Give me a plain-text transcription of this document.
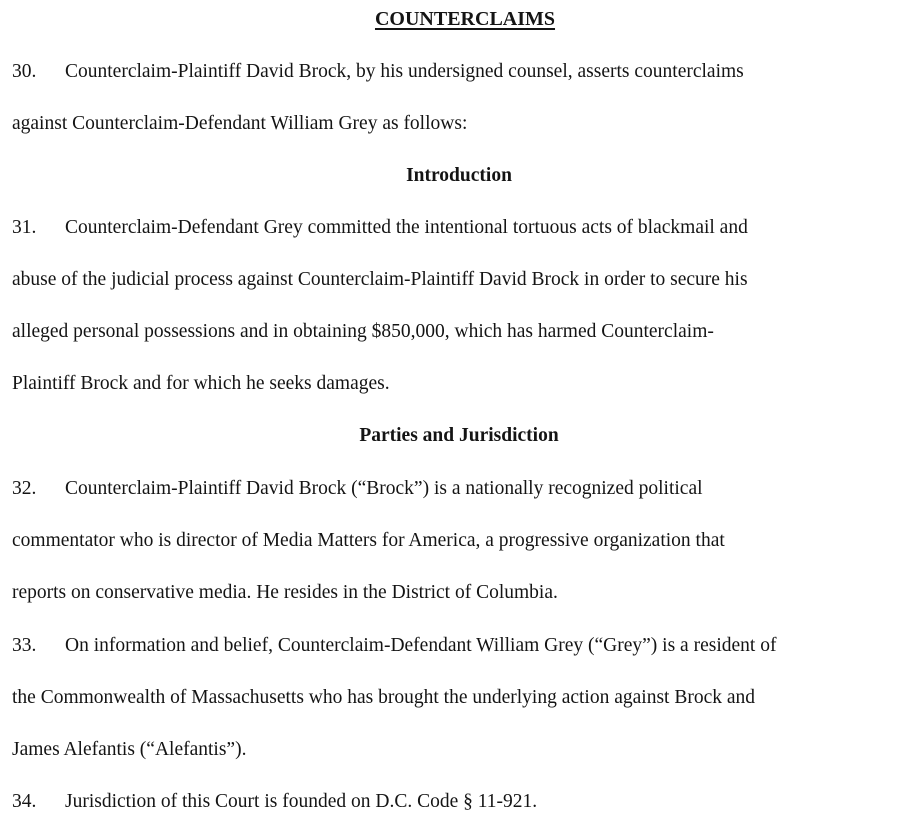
COUNTERCLAIMS

30. Counterclaim-Plaintiff David Brock, by his undersigned counsel, asserts counterclaims

against Counterclaim-Defendant William Grey as follows:

Introduction

31. Counterclaim-Defendant Grey committed the intentional tortuous acts of blackmail and

abuse of the judicial process against Counterclaim-Plaintiff David Brock in order to secure his

alleged personal possessions and in obtaining $850,000, which has harmed Counterclaim-

Plaintiff Brock and for which he seeks damages.

Parties and Jurisdiction

32. Counterclaim-Plaintiff David Brock (“Brock”) is a nationally recognized political

commentator who is director of Media Matters for America, a progressive organization that

reports on conservative media. He resides in the District of Columbia.

33. On information and belief, Counterclaim-Defendant William Grey (“Grey”) is a resident of

the Commonwealth of Massachusetts who has brought the underlying action against Brock and

James Alefantis (“Alefantis”).

34. Jurisdiction of this Court is founded on D.C. Code § 11-921.
